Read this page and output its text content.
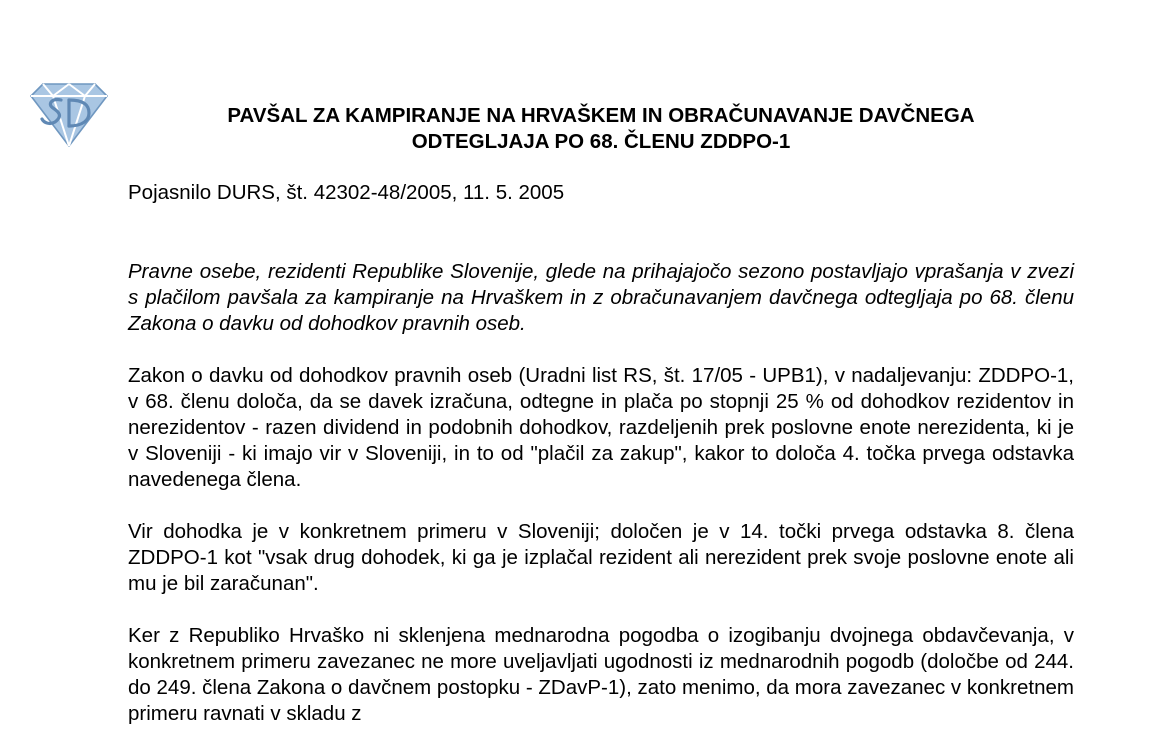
PAVŠAL ZA KAMPIRANJE NA HRVAŠKEM IN OBRAČUNAVANJE DAVČNEGA
ODTEGLJAJA PO 68. ČLENU ZDDPO-1
Pojasnilo DURS, št. 42302-48/2005, 11. 5. 2005

Pravne osebe, rezidenti Republike Slovenije, glede na prihajajočo sezono postavljajo vprašanja v zvezi s plačilom pavšala za kampiranje na Hrvaškem in z obračunavanjem davčnega odtegljaja po 68. členu Zakona o davku od dohodkov pravnih oseb.

Zakon o davku od dohodkov pravnih oseb (Uradni list RS, št. 17/05 - UPB1), v nadaljevanju: ZDDPO-1, v 68. členu določa, da se davek izračuna, odtegne in plača po stopnji 25 % od dohodkov rezidentov in nerezidentov - razen dividend in podobnih dohodkov, razdeljenih prek poslovne enote nerezidenta, ki je v Sloveniji - ki imajo vir v Sloveniji, in to od "plačil za zakup", kakor to določa 4. točka prvega odstavka navedenega člena.

Vir dohodka je v konkretnem primeru v Sloveniji; določen je v 14. točki prvega odstavka 8. člena ZDDPO-1 kot "vsak drug dohodek, ki ga je izplačal rezident ali nerezident prek svoje poslovne enote ali mu je bil zaračunan".

Ker z Republiko Hrvaško ni sklenjena mednarodna pogodba o izogibanju dvojnega obdavčevanja, v konkretnem primeru zavezanec ne more uveljavljati ugodnosti iz mednarodnih pogodb (določbe od 244. do 249. člena Zakona o davčnem postopku - ZDavP-1), zato menimo, da mora zavezanec v konkretnem primeru ravnati v skladu z
